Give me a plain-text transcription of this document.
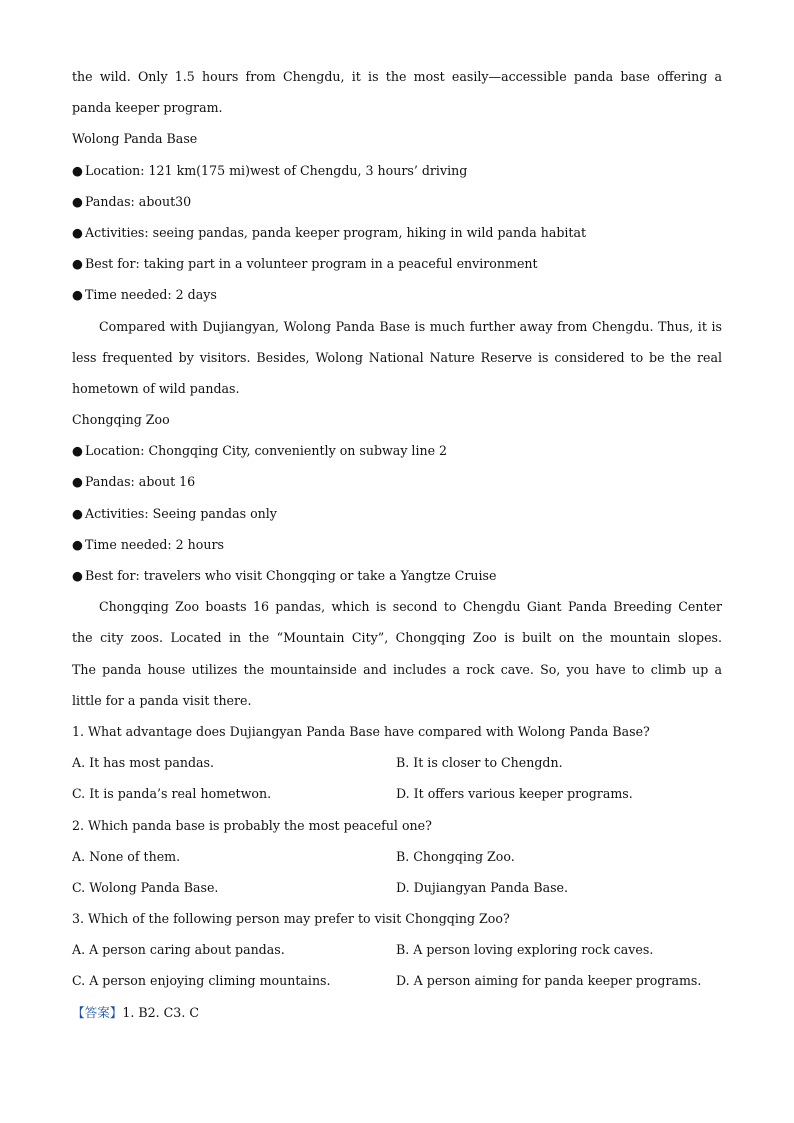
the wild. Only 1.5 hours from Chengdu, it is the most easily—accessible panda base offering a
panda keeper program.
Wolong Panda Base
● Location: 121 km(175 mi)west of Chengdu, 3 hours’ driving
● Pandas: about30
● Activities: seeing pandas, panda keeper program, hiking in wild panda habitat
● Best for: taking part in a volunteer program in a peaceful environment
● Time needed: 2 days
Compared with Dujiangyan, Wolong Panda Base is much further away from Chengdu. Thus, it is
less frequented by visitors. Besides, Wolong National Nature Reserve is considered to be the real
hometown of wild pandas.
Chongqing Zoo
● Location: Chongqing City, conveniently on subway line 2
● Pandas: about 16
● Activities: Seeing pandas only
● Time needed: 2 hours
● Best for: travelers who visit Chongqing or take a Yangtze Cruise
Chongqing Zoo boasts 16 pandas, which is second to Chengdu Giant Panda Breeding Center
the city zoos. Located in the “Mountain City”, Chongqing Zoo is built on the mountain slopes.
The panda house utilizes the mountainside and includes a rock cave. So, you have to climb up a
little for a panda visit there.
1. What advantage does Dujiangyan Panda Base have compared with Wolong Panda Base?
A. It has most pandas.	B. It is closer to Chengdn.
C. It is panda’s real hometwon.	D. It offers various keeper programs.
2. Which panda base is probably the most peaceful one?
A. None of them.	B. Chongqing Zoo.
C. Wolong Panda Base.	D. Dujiangyan Panda Base.
3. Which of the following person may prefer to visit Chongqing Zoo?
A. A person caring about pandas.	B. A person loving exploring rock caves.
C. A person enjoying climing mountains.	D. A person aiming for panda keeper programs.
【答案】1. B2. C3. C
